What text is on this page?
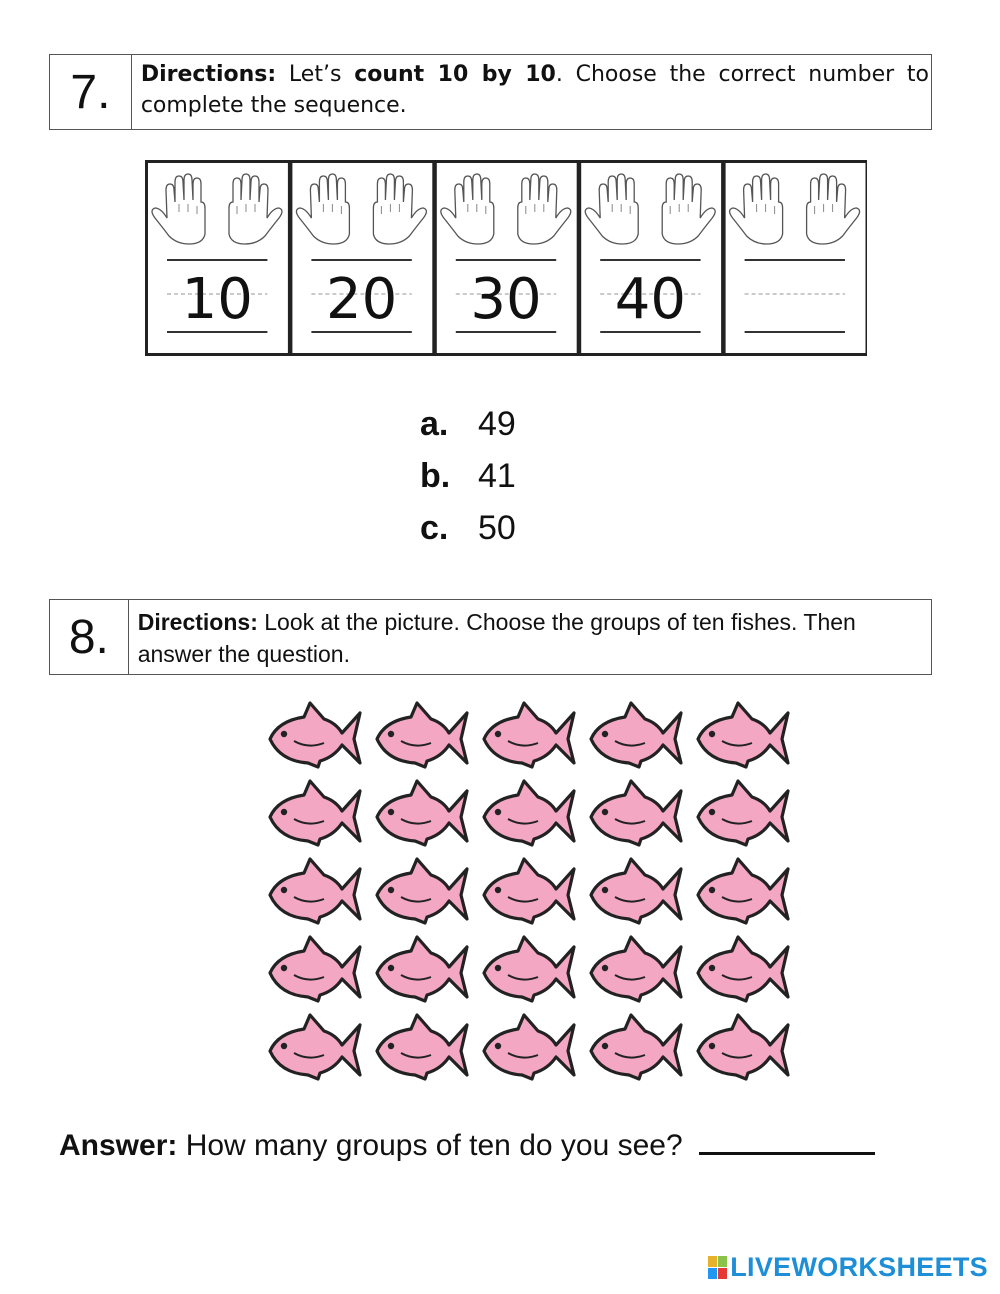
7.	Directions: Let’s count 10 by 10. Choose the correct number to complete the sequence.
10 20 30 40
a. 49
b. 41
c. 50
8.	Directions: Look at the picture. Choose the groups of ten fishes. Then answer the question.
Answer: How many groups of ten do you see?
LIVEWORKSHEETS
